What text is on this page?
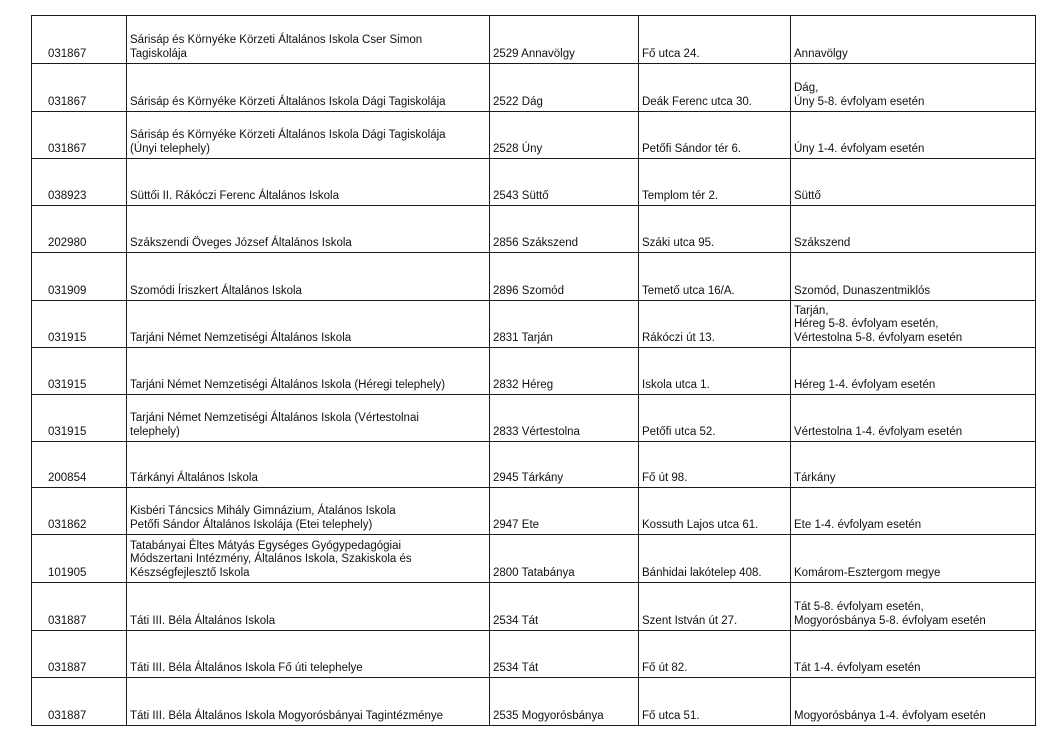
031867	Sárisáp és Környéke Körzeti Általános Iskola Cser Simon
Tagiskolája	2529 Annavölgy	Fő utca 24.	Annavölgy

031867	Sárisáp és Környéke Körzeti Általános Iskola Dági Tagiskolája	2522 Dág	Deák Ferenc utca 30.	Dág,
Úny 5-8. évfolyam esetén

031867	Sárisáp és Környéke Körzeti Általános Iskola Dági Tagiskolája
(Únyi telephely)	2528 Úny	Petőfi Sándor tér 6.	Úny 1-4. évfolyam esetén

038923	Süttői II. Rákóczi Ferenc Általános Iskola	2543 Süttő	Templom tér 2.	Süttő

202980	Szákszendi Öveges József Általános Iskola	2856 Szákszend	Száki utca 95.	Szákszend

031909	Szomódi Íriszkert Általános Iskola	2896 Szomód	Temető utca 16/A.	Szomód, Dunaszentmiklós

031915	Tarjáni Német Nemzetiségi Általános Iskola	2831 Tarján	Rákóczi út 13.	Tarján,
Héreg 5-8. évfolyam esetén,
Vértestolna 5-8. évfolyam esetén

031915	Tarjáni Német Nemzetiségi Általános Iskola (Héregi telephely)	2832 Héreg	Iskola utca 1.	Héreg 1-4. évfolyam esetén

031915	Tarjáni Német Nemzetiségi Általános Iskola (Vértestolnai
telephely)	2833 Vértestolna	Petőfi utca 52.	Vértestolna 1-4. évfolyam esetén

200854	Tárkányi Általános Iskola	2945 Tárkány	Fő út 98.	Tárkány

031862	Kisbéri Táncsics Mihály Gimnázium, Átalános Iskola
Petőfi Sándor Általános Iskolája (Etei telephely)	2947 Ete	Kossuth Lajos utca 61.	Ete 1-4. évfolyam esetén

101905	Tatabányai Éltes Mátyás Egységes Gyógypedagógiai
Módszertani Intézmény, Általános Iskola, Szakiskola és
Készségfejlesztő Iskola	2800 Tatabánya	Bánhidai lakótelep 408.	Komárom-Esztergom megye

031887	Táti III. Béla Általános Iskola	2534 Tát	Szent István út 27.	Tát 5-8. évfolyam esetén,
Mogyorósbánya 5-8. évfolyam esetén

031887	Táti III. Béla Általános Iskola Fő úti telephelye	2534 Tát	Fő út 82.	Tát 1-4. évfolyam esetén

031887	Táti III. Béla Általános Iskola Mogyorósbányai Tagintézménye	2535 Mogyorósbánya	Fő utca 51.	Mogyorósbánya 1-4. évfolyam esetén
